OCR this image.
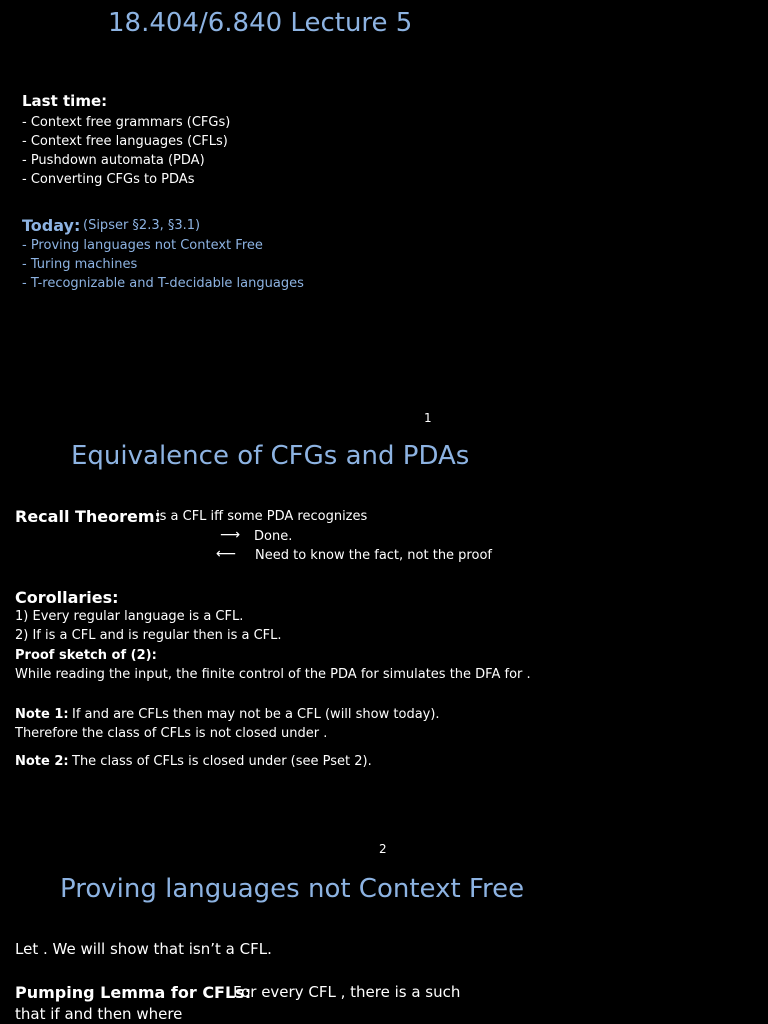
18.404/6.840 Lecture 5
Last time:
- Context free grammars (CFGs)
- Context free languages (CFLs)
- Pushdown automata (PDA)
- Converting CFGs to PDAs
Today: (Sipser §2.3, §3.1)
- Proving languages not Context Free
- Turing machines
- T-recognizable and T-decidable languages
1
Equivalence of CFGs and PDAs
Recall Theorem:
is a CFL iff some PDA recognizes
⟶ Done.
⟵ Need to know the fact, not the proof
Corollaries:
1) Every regular language is a CFL.
2) If is a CFL and is regular then is a CFL.
Proof sketch of (2):
While reading the input, the finite control of the PDA for simulates the DFA for .
Note 1: If and are CFLs then may not be a CFL (will show today).
Therefore the class of CFLs is not closed under .
Note 2: The class of CFLs is closed under (see Pset 2).
2
Proving languages not Context Free
Let . We will show that isn’t a CFL.
Pumping Lemma for CFLs:
For every CFL , there is a such
that if and then where
